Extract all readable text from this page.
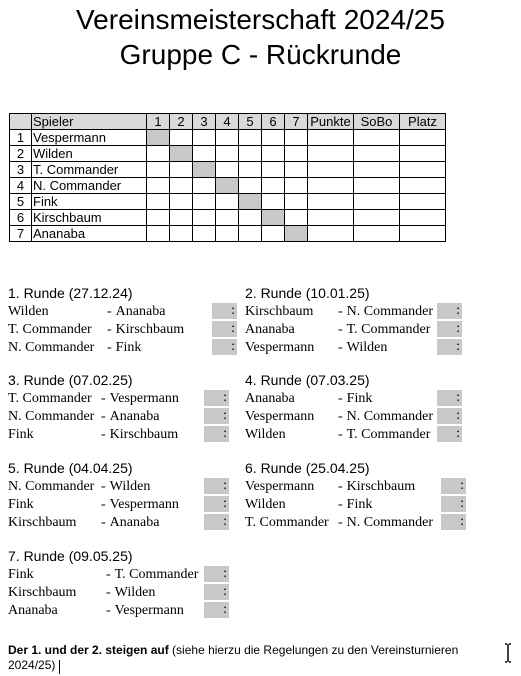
Vereinsmeisterschaft 2024/25
Gruppe C - Rückrunde
	Spieler	1	2	3	4	5	6	7	Punkte	SoBo	Platz
1	Vespermann										
2	Wilden										
3	T. Commander										
4	N. Commander										
5	Fink										
6	Kirschbaum										
7	Ananaba										
1. Runde (27.12.24)
Wilden	- Ananaba	:
T. Commander - Kirschbaum	:
N. Commander - Fink	:
2. Runde (10.01.25)
Kirschbaum - N. Commander	:
Ananaba	- T. Commander	:
Vespermann - Wilden	:
3. Runde (07.02.25)
T. Commander - Vespermann	:
N. Commander - Ananaba	:
Fink	- Kirschbaum	:
4. Runde (07.03.25)
Ananaba	- Fink	:
Vespermann - N. Commander	:
Wilden	- T. Commander	:
5. Runde (04.04.25)
N. Commander - Wilden	:
Fink	- Vespermann	:
Kirschbaum - Ananaba	:
6. Runde (25.04.25)
Vespermann - Kirschbaum	:
Wilden	- Fink	:
T. Commander - N. Commander	:
7. Runde (09.05.25)
Fink	- T. Commander	:
Kirschbaum - Wilden	:
Ananaba	- Vespermann	:
Der 1. und der 2. steigen auf (siehe hierzu die Regelungen zu den Vereinsturnieren 2024/25)
